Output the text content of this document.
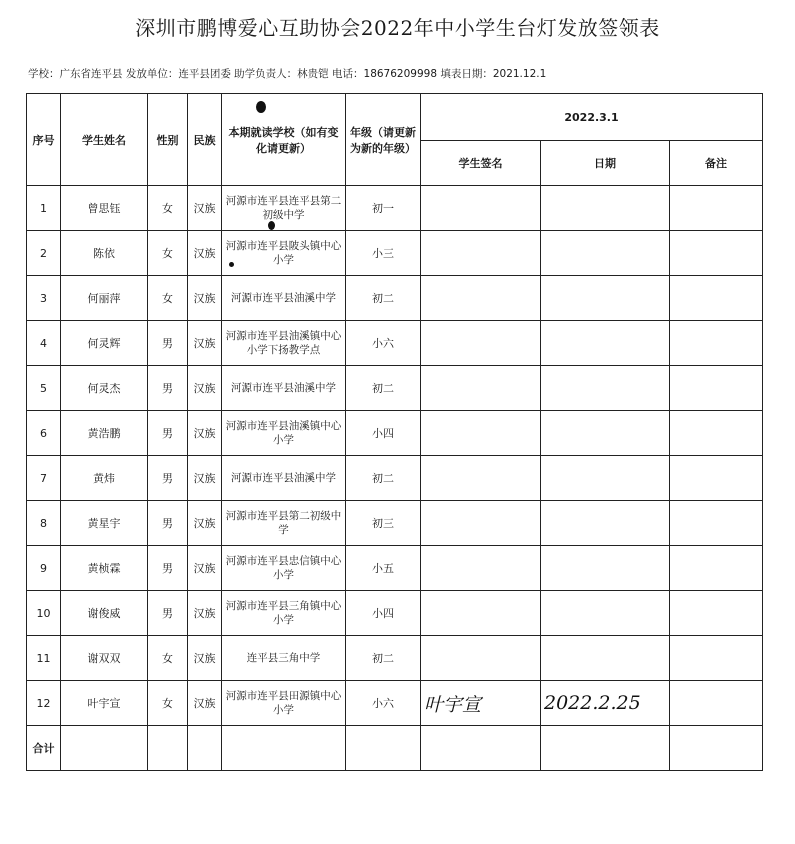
深圳市鹏博爱心互助协会2022年中小学生台灯发放签领表
学校：广东省连平县 发放单位：连平县团委 助学负责人：林贵铠 电话：18676209998 填表日期：2021.12.1
序号	学生姓名	性别	民族	本期就读学校（如有变化请更新）	年级（请更新为新的年级）	2022.3.1		
						学生签名	日期	备注
1	曾思钰	女	汉族	河源市连平县连平县第二初级中学	初一			
2	陈依	女	汉族	河源市连平县陂头镇中心小学	小三			
3	何丽萍	女	汉族	河源市连平县油溪中学	初二			
4	何灵辉	男	汉族	河源市连平县油溪镇中心小学下扬教学点	小六			
5	何灵杰	男	汉族	河源市连平县油溪中学	初二			
6	黄浩鹏	男	汉族	河源市连平县油溪镇中心小学	小四			
7	黄炜	男	汉族	河源市连平县油溪中学	初二			
8	黄星宇	男	汉族	河源市连平县第二初级中学	初三			
9	黄桢霖	男	汉族	河源市连平县忠信镇中心小学	小五			
10	谢俊威	男	汉族	河源市连平县三角镇中心小学	小四			
11	谢双双	女	汉族	连平县三角中学	初二			
12	叶宇宣	女	汉族	河源市连平县田源镇中心小学	小六	叶宇宣	2022.2.25	
合计								
